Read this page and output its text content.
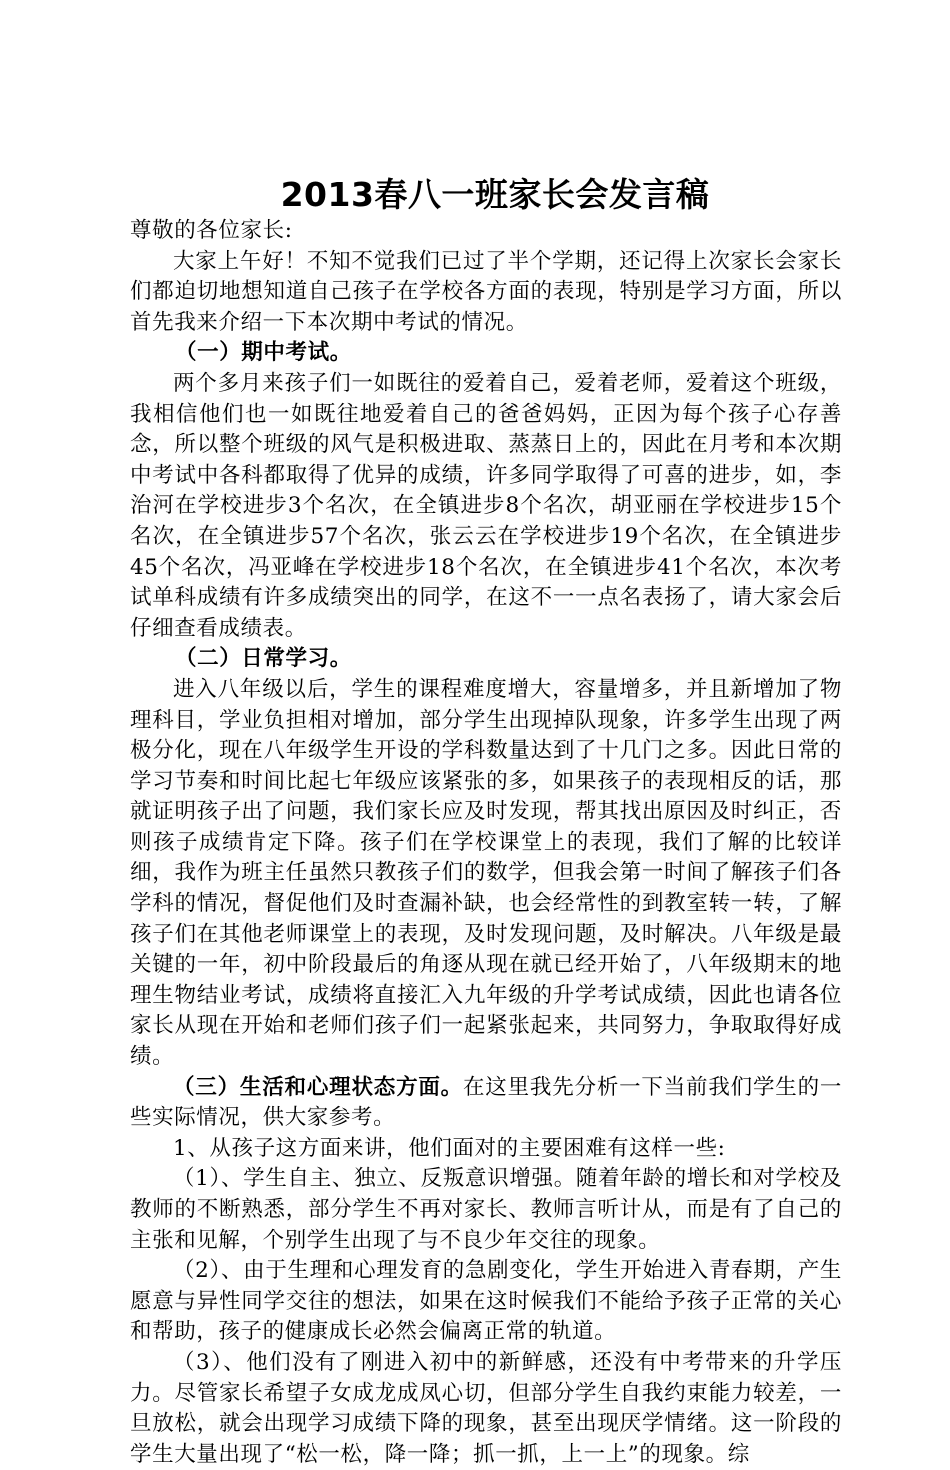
2013春八一班家长会发言稿

尊敬的各位家长:

大家上午好！不知不觉我们已过了半个学期，还记得上次家长会家长们都迫切地想知道自己孩子在学校各方面的表现，特别是学习方面，所以首先我来介绍一下本次期中考试的情况。

（一）期中考试。

两个多月来孩子们一如既往的爱着自己，爱着老师，爱着这个班级，我相信他们也一如既往地爱着自己的爸爸妈妈，正因为每个孩子心存善念，所以整个班级的风气是积极进取、蒸蒸日上的，因此在月考和本次期中考试中各科都取得了优异的成绩，许多同学取得了可喜的进步，如，李治河在学校进步3个名次，在全镇进步8个名次，胡亚丽在学校进步15个名次，在全镇进步57个名次，张云云在学校进步19个名次，在全镇进步45个名次，冯亚峰在学校进步18个名次，在全镇进步41个名次，本次考试单科成绩有许多成绩突出的同学，在这不一一点名表扬了，请大家会后仔细查看成绩表。

（二）日常学习。

进入八年级以后，学生的课程难度增大，容量增多，并且新增加了物理科目，学业负担相对增加，部分学生出现掉队现象，许多学生出现了两极分化，现在八年级学生开设的学科数量达到了十几门之多。因此日常的学习节奏和时间比起七年级应该紧张的多，如果孩子的表现相反的话，那就证明孩子出了问题，我们家长应及时发现，帮其找出原因及时纠正，否则孩子成绩肯定下降。孩子们在学校课堂上的表现，我们了解的比较详细，我作为班主任虽然只教孩子们的数学，但我会第一时间了解孩子们各学科的情况，督促他们及时查漏补缺，也会经常性的到教室转一转，了解孩子们在其他老师课堂上的表现，及时发现问题，及时解决。八年级是最关键的一年，初中阶段最后的角逐从现在就已经开始了，八年级期末的地理生物结业考试，成绩将直接汇入九年级的升学考试成绩，因此也请各位家长从现在开始和老师们孩子们一起紧张起来，共同努力，争取取得好成绩。

（三）生活和心理状态方面。在这里我先分析一下当前我们学生的一些实际情况，供大家参考。

1、从孩子这方面来讲，他们面对的主要困难有这样一些:

（1）、学生自主、独立、反叛意识增强。随着年龄的增长和对学校及教师的不断熟悉，部分学生不再对家长、教师言听计从，而是有了自己的主张和见解，个别学生出现了与不良少年交往的现象。

（2）、由于生理和心理发育的急剧变化，学生开始进入青春期，产生愿意与异性同学交往的想法，如果在这时候我们不能给予孩子正常的关心和帮助，孩子的健康成长必然会偏离正常的轨道。

（3）、他们没有了刚进入初中的新鲜感，还没有中考带来的升学压力。尽管家长希望子女成龙成凤心切，但部分学生自我约束能力较差，一旦放松，就会出现学习成绩下降的现象，甚至出现厌学情绪。这一阶段的学生大量出现了“松一松，降一降；抓一抓，上一上”的现象。综
